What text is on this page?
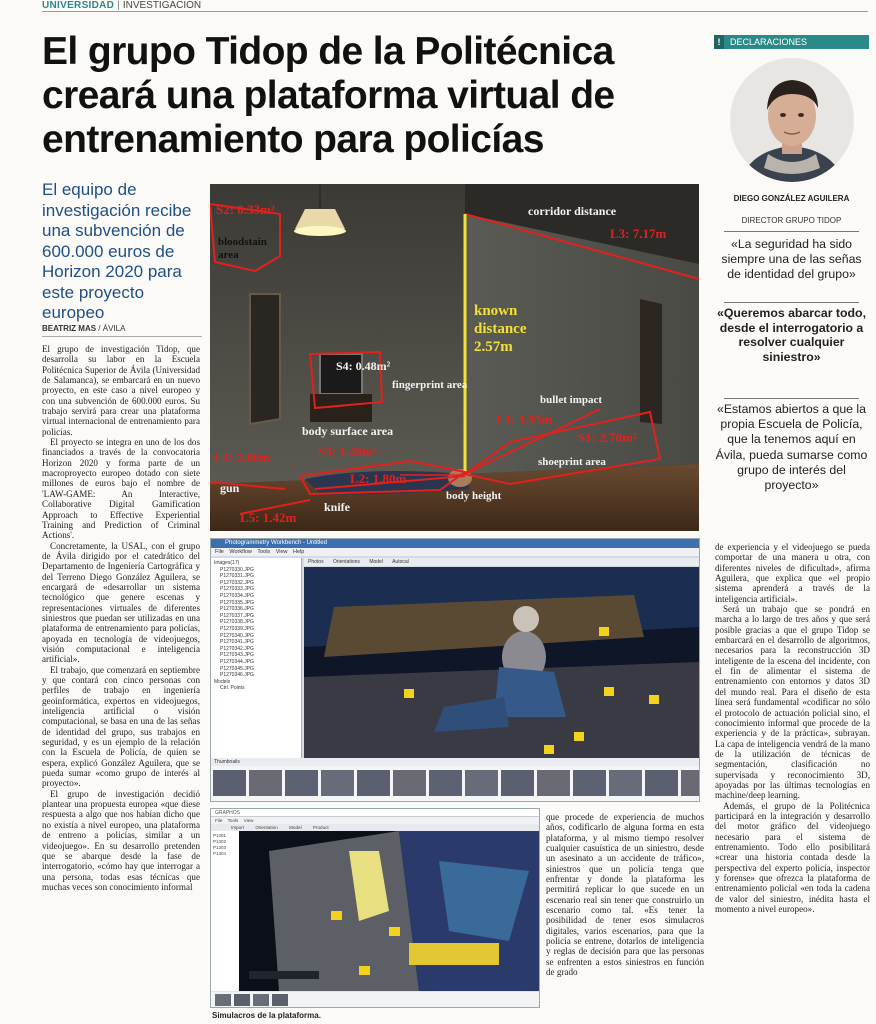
UNIVERSIDAD | INVESTIGACIÓN
El grupo Tidop de la Politécnica creará una plataforma virtual de entrenamiento para policías
El equipo de investigación recibe una subvención de 600.000 euros de Horizon 2020 para este proyecto europeo
BEATRIZ MAS / ÁVILA

El grupo de investigación Tidop, que desarrolla su labor en la Escuela Politécnica Superior de Ávila (Universidad de Salamanca), se embarcará en un nuevo proyecto, en este caso a nivel europeo y con una subvención de 600.000 euros. Su trabajo servirá para crear una plataforma virtual internacional de entrenamiento para policías.

El proyecto se integra en uno de los dos financiados a través de la convocatoria Horizon 2020 y forma parte de un macroproyecto europeo dotado con siete millones de euros bajo el nombre de 'LAW-GAME: An Interactive, Collaborative Digital Gamification Approach to Effective Experiential Training and Prediction of Criminal Actions'.

Concretamente, la USAL, con el grupo de Ávila dirigido por el catedrático del Departamento de Ingeniería Cartográfica y del Terreno Diego González Aguilera, se encargará de «desarrollar un sistema tecnológico que genere escenas y representaciones virtuales de diferentes siniestros que puedan ser utilizadas en una plataforma de entrenamiento para policías, apoyada en tecnología de videojuegos, visión computacional e inteligencia artificial».

El trabajo, que comenzará en septiembre y que contará con cinco personas con perfiles de trabajo en ingeniería geoinformática, expertos en videojuegos, inteligencia artificial o visión computacional, se basa en una de las señas de identidad del grupo, sus trabajos en seguridad, y es un ejemplo de la relación con la Escuela de Policía, de quien se espera, explicó González Aguilera, que se pueda sumar «como grupo de interés al proyecto».

El grupo de investigación decidió plantear una propuesta europea «que diese respuesta a algo que nos habían dicho que no existía a nivel europeo, una plataforma de entreno a policías, similar a un videojuego». En su desarrollo pretenden que se abarque desde la fase de interrogatorio, «cómo hay que interrogar a una persona, todas esas técnicas que muchas veces son conocimiento informal

S2: 0.33m²
bloodstain area
corridor distance
L3: 7.17m
known distance 2.57m
S4: 0.48m²
fingerprint area
bullet impact
L1: 1.93m
S1: 2.70m²
body surface area
shoeprint area
L4: 2.06m	S3: 1.48m²
L2: 1.80m
gun
body height
knife
L5: 1.42m
Photogrammetry Workbench - Untitled
File Workflow Tools View Help
Images(17)
P1270330.JPG
P1270331.JPG
P1270332.JPG
P1270333.JPG
P1270334.JPG
P1270335.JPG
P1270336.JPG
P1270337.JPG
P1270338.JPG
P1270339.JPG
P1270340.JPG
P1270341.JPG
P1270342.JPG
P1270343.JPG
P1270344.JPG
P1270345.JPG
P1270346.JPG
Models
Ctrl. Points
Photos Orientations Model Autocal
Thumbnails
GRAPHOS
File Tools View
Import Orientation Model Product
P1301
P1302
P1303
P1304
Simulacros de la plataforma.

que procede de experiencia de muchos años, codificarlo de alguna forma en esta plataforma, y al mismo tiempo resolver cualquier casuística de un siniestro, desde un asesinato a un accidente de tráfico», siniestros que un policía tenga que enfrentar y donde la plataforma les permitirá replicar lo que sucede en un escenario real sin tener que construirlo un escenario como tal. «Es tener la posibilidad de tener esos simulacros digitales, varios escenarios, para que la policía se entrene, dotarlos de inteligencia y reglas de decisión para que las personas se enfrenten a estos siniestros en función de grado

de experiencia y el videojuego se pueda comportar de una manera u otra, con diferentes niveles de dificultad», afirma Aguilera, que explica que «el propio sistema aprenderá a través de la inteligencia artificial».

Será un trabajo que se pondrá en marcha a lo largo de tres años y que será posible gracias a que el grupo Tidop se embarcará en el desarrollo de algoritmos, necesarios para la reconstrucción 3D inteligente de la escena del incidente, con el fin de alimentar el sistema de entrenamiento con entornos y datos 3D del mundo real. Para el diseño de esta línea será fundamental «codificar no sólo el protocolo de actuación policial sino, el conocimiento informal que procede de la experiencia y de la práctica», subrayan. La capa de inteligencia vendrá de la mano de la utilización de técnicas de segmentación, clasificación no supervisada y reconocimiento 3D, apoyadas por las últimas tecnologías en machine/deep learning.

Además, el grupo de la Politécnica participará en la integración y desarrollo del motor gráfico del videojuego necesario para el sistema de entrenamiento. Todo ello posibilitará «crear una historia contada desde la perspectiva del experto policía, inspector y forense» que ofrezca la plataforma de entrenamiento policial «en toda la cadena de valor del siniestro, inédita hasta el momento a nivel europeo».

! DECLARACIONES
DIEGO GONZÁLEZ AGUILERA
DIRECTOR GRUPO TIDOP
«La seguridad ha sido siempre una de las señas de identidad del grupo»
«Queremos abarcar todo, desde el interrogatorio a resolver cualquier siniestro»
«Estamos abiertos a que la propia Escuela de Policía, que la tenemos aquí en Ávila, pueda sumarse como grupo de interés del proyecto»
